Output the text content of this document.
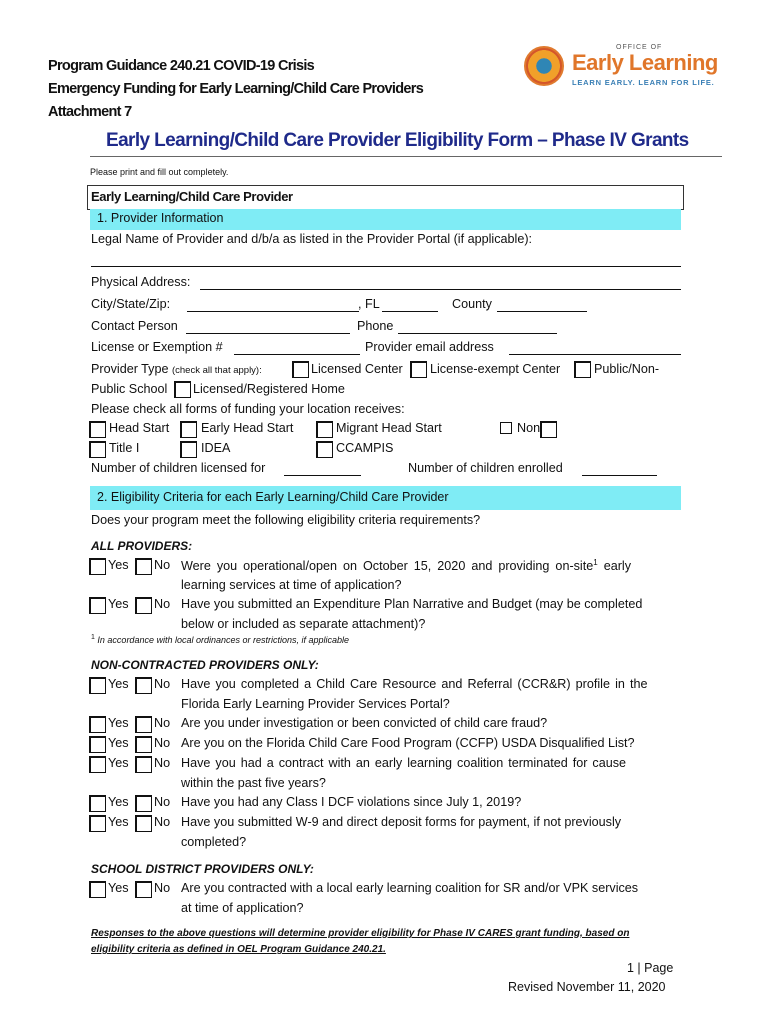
Program Guidance 240.21 COVID-19 Crisis
Emergency Funding for Early Learning/Child Care Providers
Attachment 7
OFFICE OF
Early Learning
LEARN EARLY. LEARN FOR LIFE.
Early Learning/Child Care Provider Eligibility Form – Phase IV Grants
Please print and fill out completely.
Early Learning/Child Care Provider
1. Provider Information
Legal Name of Provider and d/b/a as listed in the Provider Portal (if applicable):
Physical Address:
City/State/Zip:	, FL	County
Contact Person	Phone
License or Exemption #	Provider email address
Provider Type (check all that apply):	Licensed Center License-exempt Center	Public/Non-
Public School Licensed/Registered Home
Please check all forms of funding your location receives:
Head Start	Early Head Start	Migrant Head Start	Non
Title I	IDEA	CCAMPIS
Number of children licensed for	Number of children enrolled
2. Eligibility Criteria for each Early Learning/Child Care Provider
Does your program meet the following eligibility criteria requirements?
ALL PROVIDERS:
Yes No Were you operational/open on October 15, 2020 and providing on-site$^1$ early
learning services at time of application?
Yes No Have you submitted an Expenditure Plan Narrative and Budget (may be completed
below or included as separate attachment)?
$^1$ In accordance with local ordinances or restrictions, if applicable
NON-CONTRACTED PROVIDERS ONLY:
Yes No Have you completed a Child Care Resource and Referral (CCR&R) profile in the
Florida Early Learning Provider Services Portal?
Yes No Are you under investigation or been convicted of child care fraud?
Yes No Are you on the Florida Child Care Food Program (CCFP) USDA Disqualified List?
Yes No Have you had a contract with an early learning coalition terminated for cause
within the past five years?
Yes No Have you had any Class I DCF violations since July 1, 2019?
Yes No Have you submitted W-9 and direct deposit forms for payment, if not previously
completed?
SCHOOL DISTRICT PROVIDERS ONLY:
Yes No Are you contracted with a local early learning coalition for SR and/or VPK services
at time of application?
Responses to the above questions will determine provider eligibility for Phase IV CARES grant funding, based on
eligibility criteria as defined in OEL Program Guidance 240.21.
1 | Page
Revised November 11, 2020
